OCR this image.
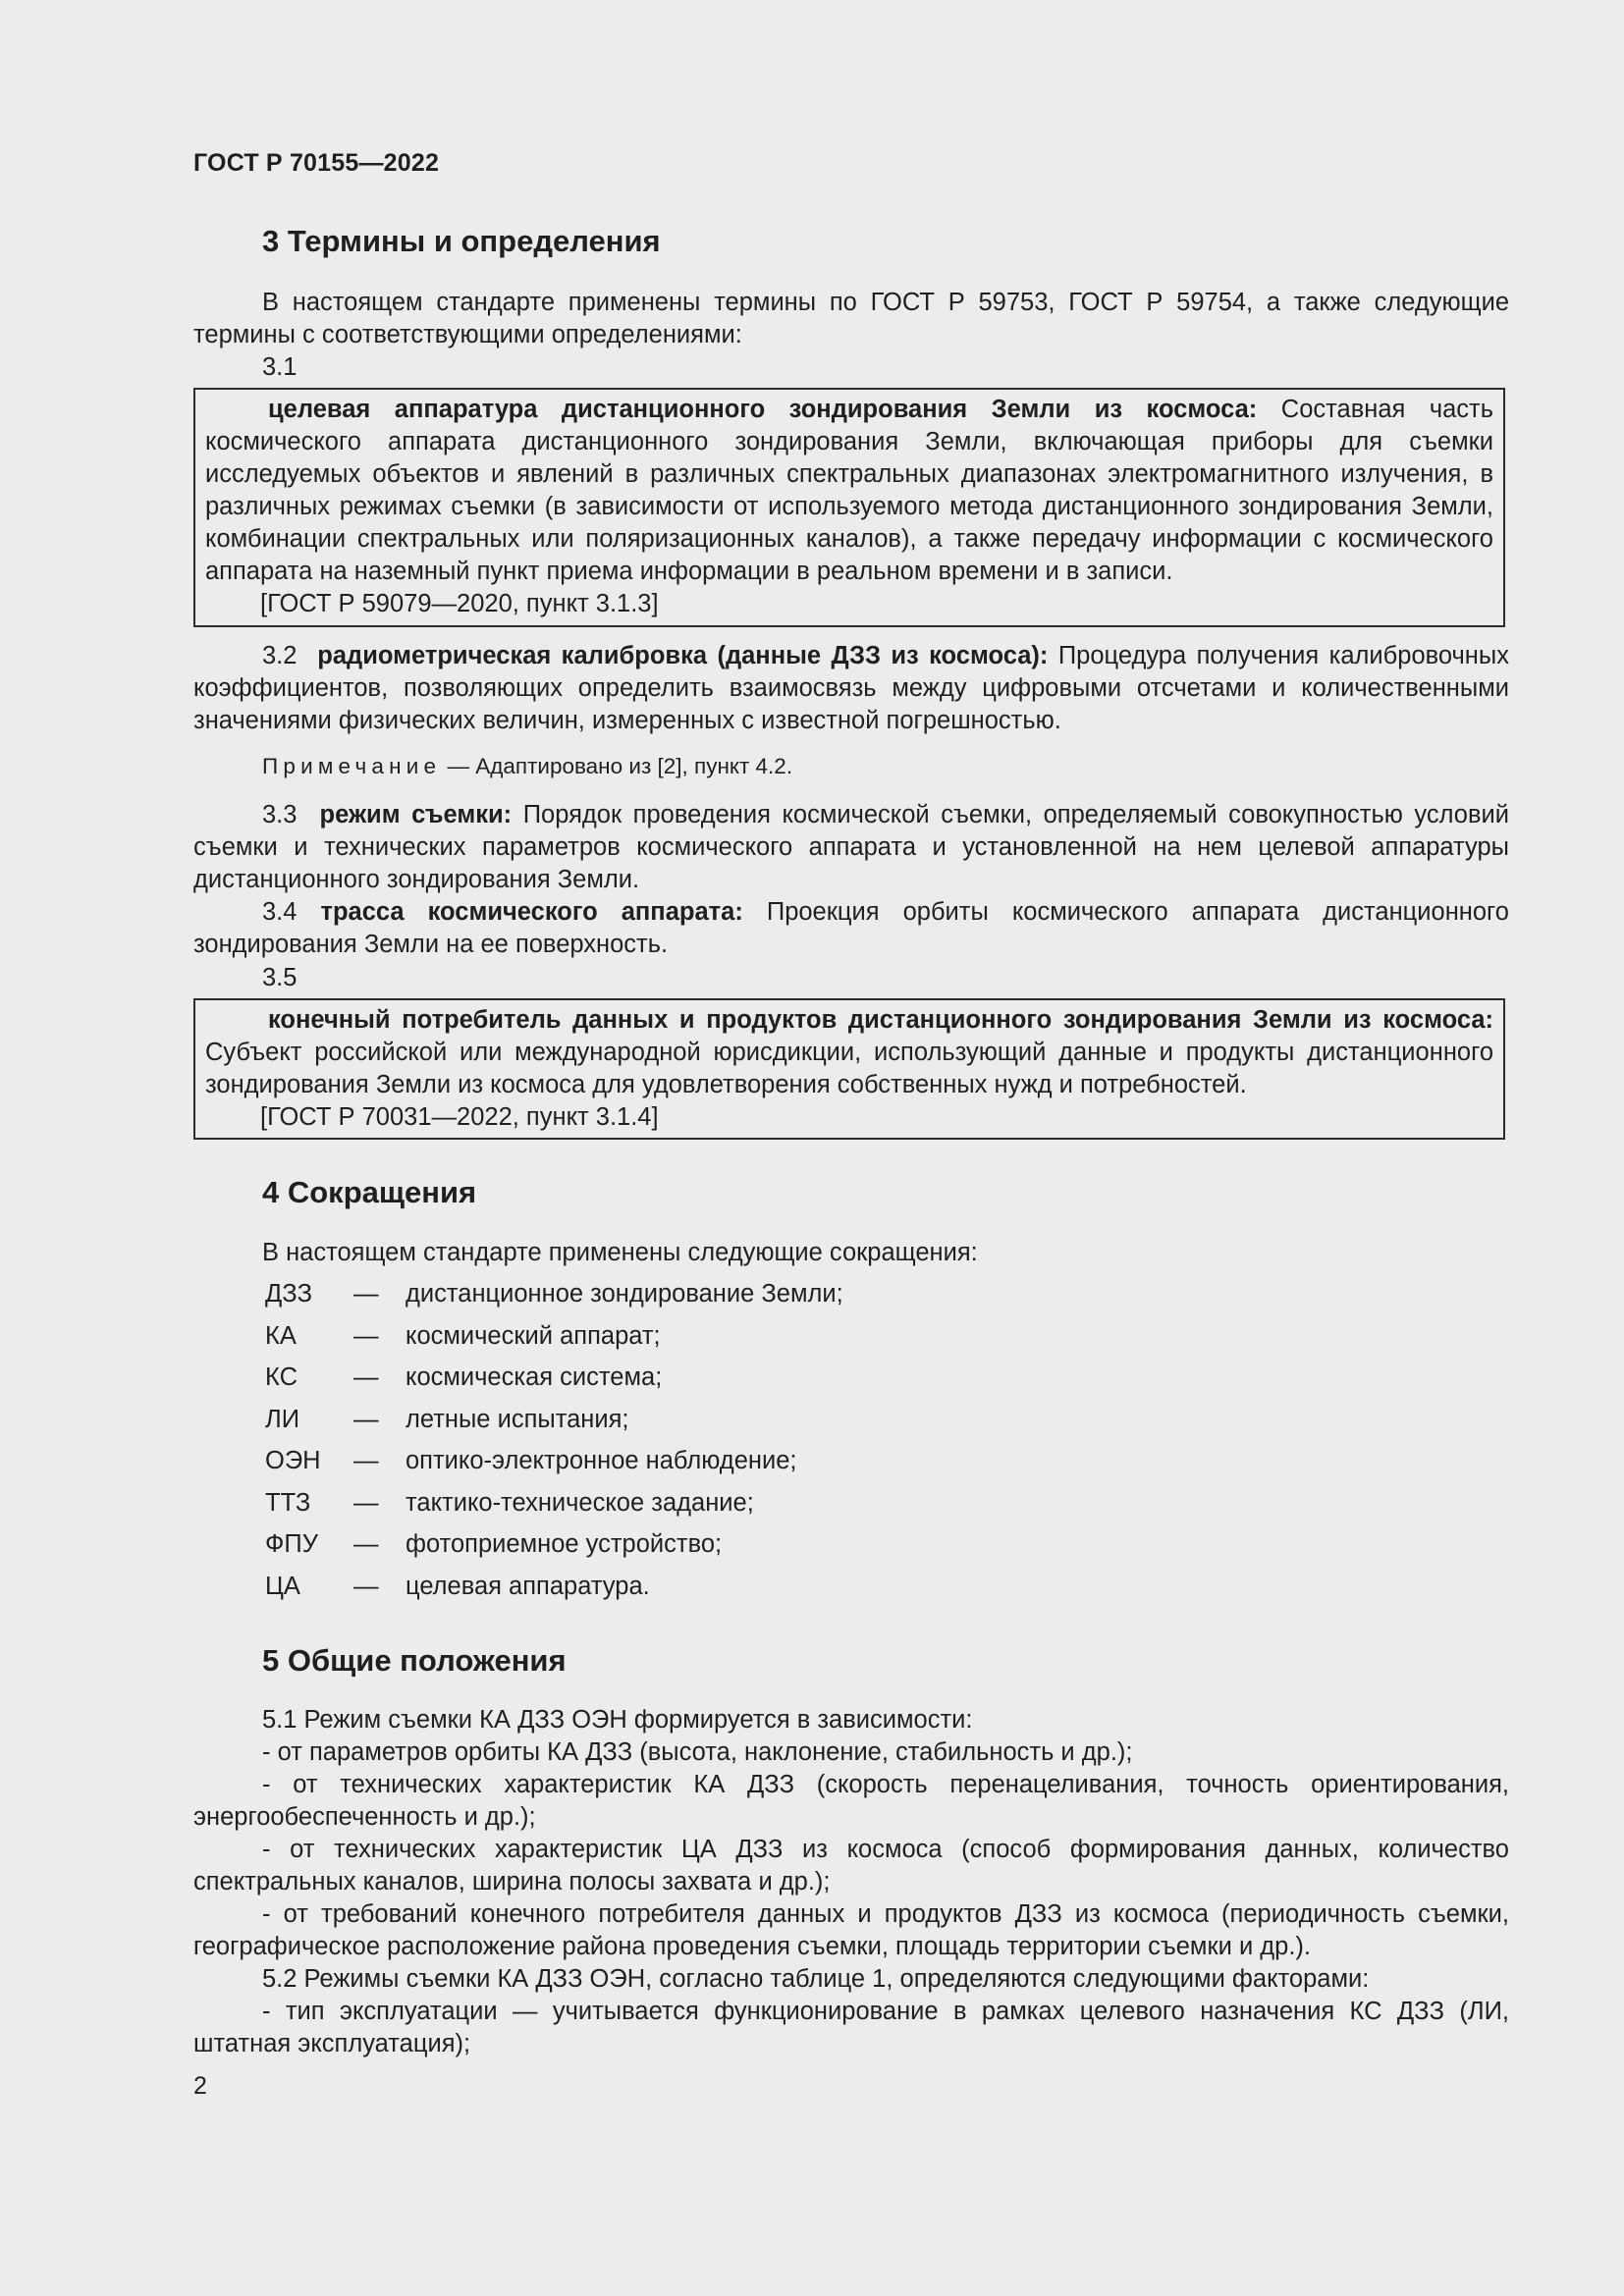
ГОСТ Р 70155—2022
3 Термины и определения
В настоящем стандарте применены термины по ГОСТ Р 59753, ГОСТ Р 59754, а также следующие термины с соответствующими определениями:
3.1
целевая аппаратура дистанционного зондирования Земли из космоса: Составная часть космического аппарата дистанционного зондирования Земли, включающая приборы для съемки исследуемых объектов и явлений в различных спектральных диапазонах электромагнитного излучения, в различных режимах съемки (в зависимости от используемого метода дистанционного зондирования Земли, комбинации спектральных или поляризационных каналов), а также передачу информации с космического аппарата на наземный пункт приема информации в реальном времени и в записи.
[ГОСТ Р 59079—2020, пункт 3.1.3]
3.2 радиометрическая калибровка (данные ДЗЗ из космоса): Процедура получения калибровочных коэффициентов, позволяющих определить взаимосвязь между цифровыми отсчетами и количественными значениями физических величин, измеренных с известной погрешностью.
Примечание — Адаптировано из [2], пункт 4.2.
3.3 режим съемки: Порядок проведения космической съемки, определяемый совокупностью условий съемки и технических параметров космического аппарата и установленной на нем целевой аппаратуры дистанционного зондирования Земли.
3.4 трасса космического аппарата: Проекция орбиты космического аппарата дистанционного зондирования Земли на ее поверхность.
3.5
конечный потребитель данных и продуктов дистанционного зондирования Земли из космоса: Субъект российской или международной юрисдикции, использующий данные и продукты дистанционного зондирования Земли из космоса для удовлетворения собственных нужд и потребностей.
[ГОСТ Р 70031—2022, пункт 3.1.4]
4 Сокращения
В настоящем стандарте применены следующие сокращения:
ДЗЗ — дистанционное зондирование Земли;
КА — космический аппарат;
КС — космическая система;
ЛИ — летные испытания;
ОЭН — оптико-электронное наблюдение;
ТТЗ — тактико-техническое задание;
ФПУ — фотоприемное устройство;
ЦА — целевая аппаратура.
5 Общие положения
5.1 Режим съемки КА ДЗЗ ОЭН формируется в зависимости:
- от параметров орбиты КА ДЗЗ (высота, наклонение, стабильность и др.);
- от технических характеристик КА ДЗЗ (скорость перенацеливания, точность ориентирования, энергообеспеченность и др.);
- от технических характеристик ЦА ДЗЗ из космоса (способ формирования данных, количество спектральных каналов, ширина полосы захвата и др.);
- от требований конечного потребителя данных и продуктов ДЗЗ из космоса (периодичность съемки, географическое расположение района проведения съемки, площадь территории съемки и др.).
5.2 Режимы съемки КА ДЗЗ ОЭН, согласно таблице 1, определяются следующими факторами:
- тип эксплуатации — учитывается функционирование в рамках целевого назначения КС ДЗЗ (ЛИ, штатная эксплуатация);
2
